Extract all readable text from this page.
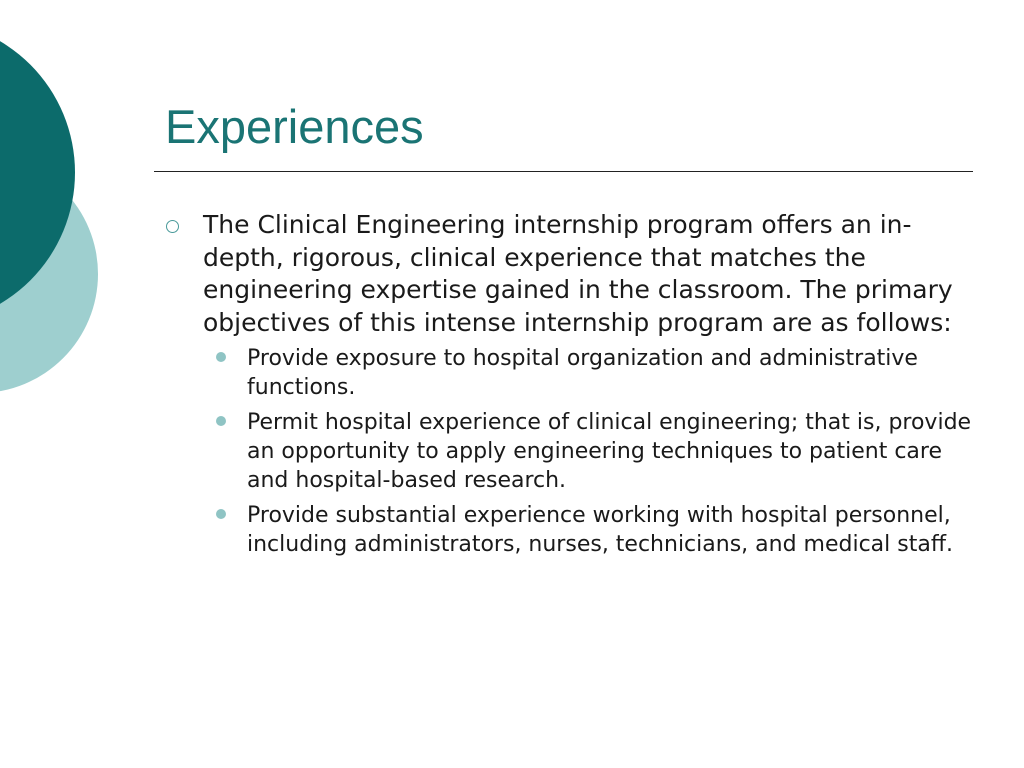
Experiences
The Clinical Engineering internship program offers an in-depth, rigorous, clinical experience that matches the engineering expertise gained in the classroom. The primary objectives of this intense internship program are as follows:
Provide exposure to hospital organization and administrative functions.
Permit hospital experience of clinical engineering; that is, provide an opportunity to apply engineering techniques to patient care and hospital-based research.
Provide substantial experience working with hospital personnel, including administrators, nurses, technicians, and medical staff.
